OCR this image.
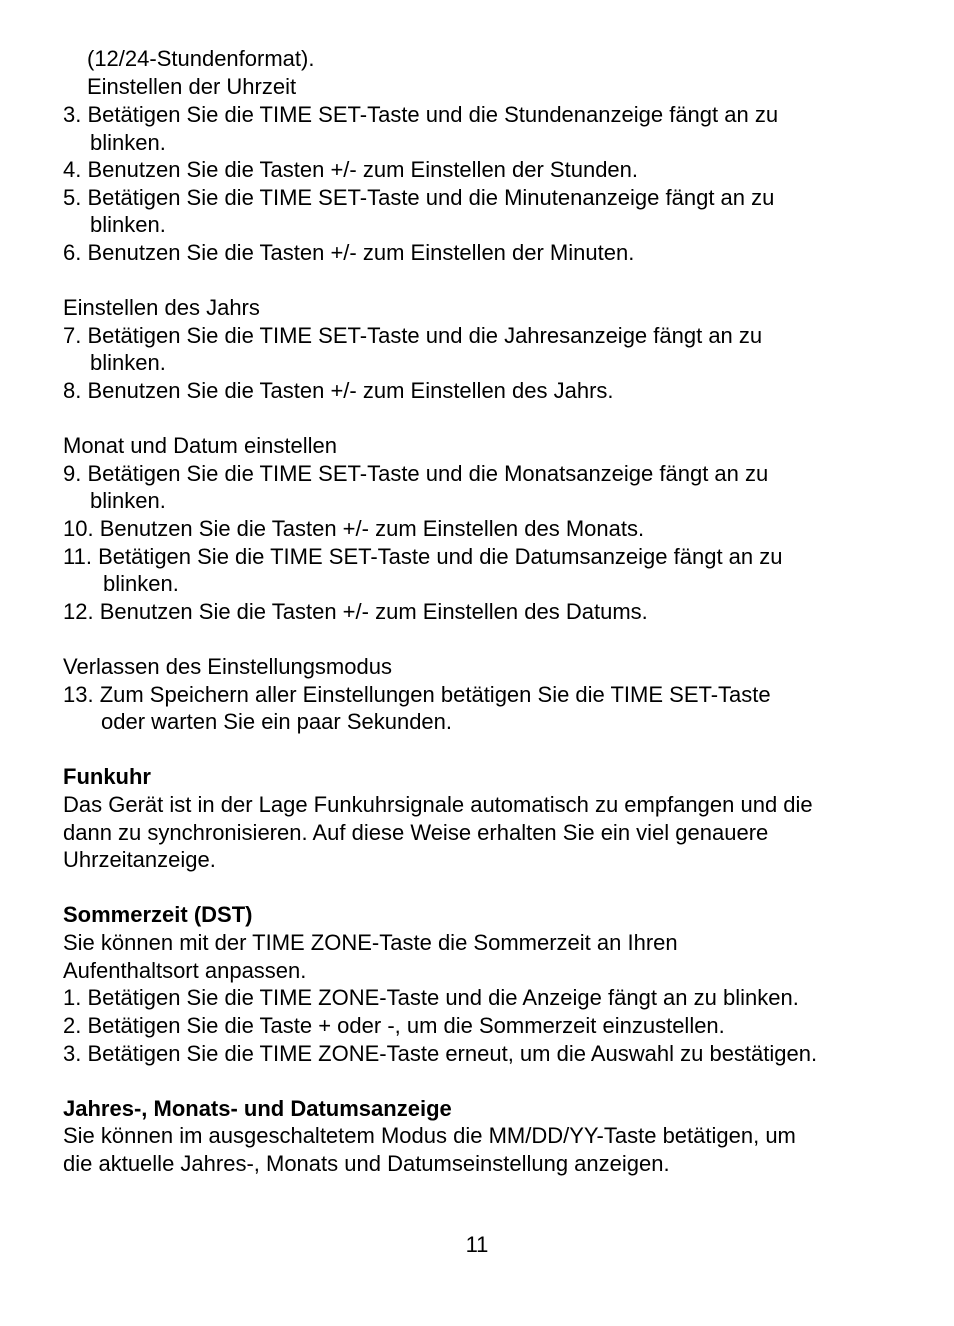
(12/24-Stundenformat).
Einstellen der Uhrzeit
3. Betätigen Sie die TIME SET-Taste und die Stundenanzeige fängt an zu
blinken.
4. Benutzen Sie die Tasten +/- zum Einstellen der Stunden.
5. Betätigen Sie die TIME SET-Taste und die Minutenanzeige fängt an zu
blinken.
6. Benutzen Sie die Tasten +/- zum Einstellen der Minuten.
Einstellen des Jahrs
7. Betätigen Sie die TIME SET-Taste und die Jahresanzeige fängt an zu
blinken.
8. Benutzen Sie die Tasten +/- zum Einstellen des Jahrs.
Monat und Datum einstellen
9. Betätigen Sie die TIME SET-Taste und die Monatsanzeige fängt an zu
blinken.
10. Benutzen Sie die Tasten +/- zum Einstellen des Monats.
11. Betätigen Sie die TIME SET-Taste und die Datumsanzeige fängt an zu
blinken.
12. Benutzen Sie die Tasten +/- zum Einstellen des Datums.
Verlassen des Einstellungsmodus
13. Zum Speichern aller Einstellungen betätigen Sie die TIME SET-Taste
oder warten Sie ein paar Sekunden.
Funkuhr
Das Gerät ist in der Lage Funkuhrsignale automatisch zu empfangen und die
dann zu synchronisieren. Auf diese Weise erhalten Sie ein viel genauere
Uhrzeitanzeige.
Sommerzeit (DST)
Sie können mit der TIME ZONE-Taste die Sommerzeit an Ihren
Aufenthaltsort anpassen.
1. Betätigen Sie die TIME ZONE-Taste und die Anzeige fängt an zu blinken.
2. Betätigen Sie die Taste + oder -, um die Sommerzeit einzustellen.
3. Betätigen Sie die TIME ZONE-Taste erneut, um die Auswahl zu bestätigen.
Jahres-, Monats- und Datumsanzeige
Sie können im ausgeschaltetem Modus die MM/DD/YY-Taste betätigen, um
die aktuelle Jahres-, Monats und Datumseinstellung anzeigen.
11
